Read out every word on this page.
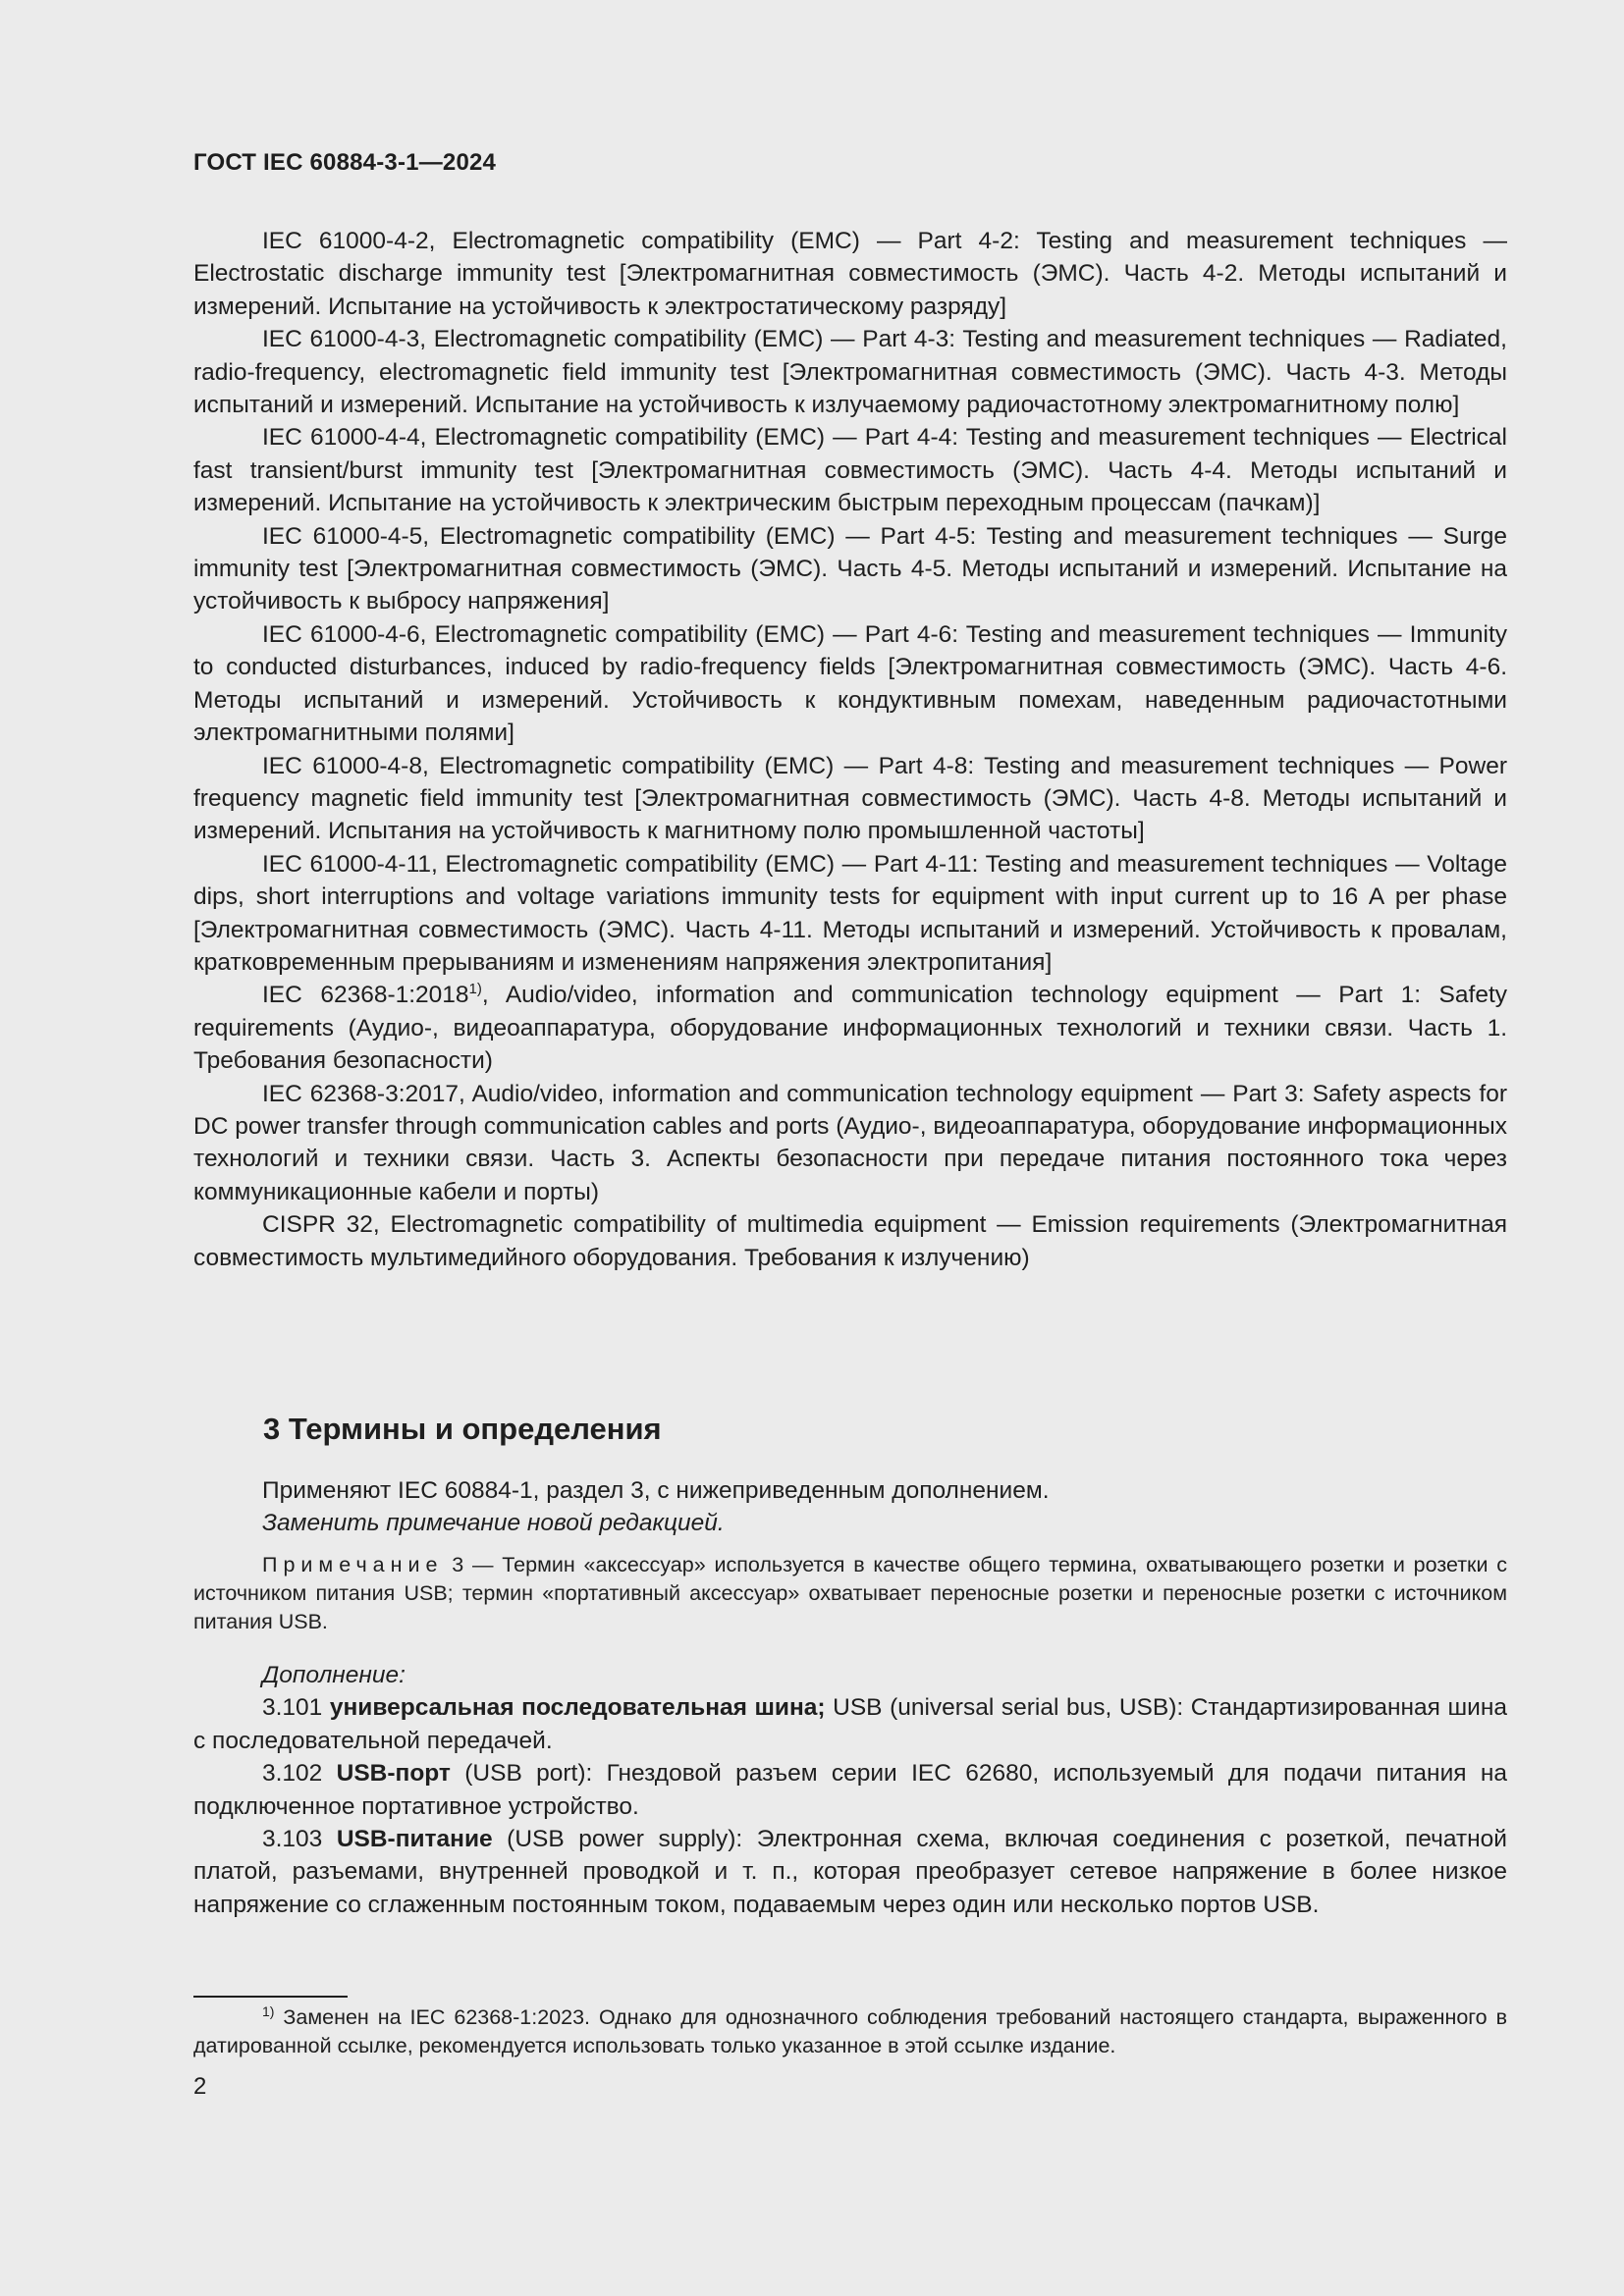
ГОСТ IEC 60884-3-1—2024

IEC 61000-4-2, Electromagnetic compatibility (EMC) — Part 4-2: Testing and measurement techniques — Electrostatic discharge immunity test [Электромагнитная совместимость (ЭМС). Часть 4-2. Методы испытаний и измерений. Испытание на устойчивость к электростатическому разряду]

IEC 61000-4-3, Electromagnetic compatibility (EMC) — Part 4-3: Testing and measurement techniques — Radiated, radio-frequency, electromagnetic field immunity test [Электромагнитная совместимость (ЭМС). Часть 4-3. Методы испытаний и измерений. Испытание на устойчивость к излучаемому радиочастотному электромагнитному полю]

IEC 61000-4-4, Electromagnetic compatibility (EMC) — Part 4-4: Testing and measurement techniques — Electrical fast transient/burst immunity test [Электромагнитная совместимость (ЭМС). Часть 4-4. Методы испытаний и измерений. Испытание на устойчивость к электрическим быстрым переходным процессам (пачкам)]

IEC 61000-4-5, Electromagnetic compatibility (EMC) — Part 4-5: Testing and measurement techniques — Surge immunity test [Электромагнитная совместимость (ЭМС). Часть 4-5. Методы испытаний и измерений. Испытание на устойчивость к выбросу напряжения]

IEC 61000-4-6, Electromagnetic compatibility (EMC) — Part 4-6: Testing and measurement techniques — Immunity to conducted disturbances, induced by radio-frequency fields [Электромагнитная совместимость (ЭМС). Часть 4-6. Методы испытаний и измерений. Устойчивость к кондуктивным помехам, наведенным радиочастотными электромагнитными полями]

IEC 61000-4-8, Electromagnetic compatibility (EMC) — Part 4-8: Testing and measurement techniques — Power frequency magnetic field immunity test [Электромагнитная совместимость (ЭМС). Часть 4-8. Методы испытаний и измерений. Испытания на устойчивость к магнитному полю промышленной частоты]

IEC 61000-4-11, Electromagnetic compatibility (EMC) — Part 4-11: Testing and measurement techniques — Voltage dips, short interruptions and voltage variations immunity tests for equipment with input current up to 16 A per phase [Электромагнитная совместимость (ЭМС). Часть 4-11. Методы испытаний и измерений. Устойчивость к провалам, кратковременным прерываниям и изменениям напряжения электропитания]

IEC 62368-1:2018$^{1)}$, Audio/video, information and communication technology equipment — Part 1: Safety requirements (Аудио-, видеоаппаратура, оборудование информационных технологий и техники связи. Часть 1. Требования безопасности)

IEC 62368-3:2017, Audio/video, information and communication technology equipment — Part 3: Safety aspects for DC power transfer through communication cables and ports (Аудио-, видеоаппаратура, оборудование информационных технологий и техники связи. Часть 3. Аспекты безопасности при передаче питания постоянного тока через коммуникационные кабели и порты)

CISPR 32, Electromagnetic compatibility of multimedia equipment — Emission requirements (Электромагнитная совместимость мультимедийного оборудования. Требования к излучению)

3 Термины и определения

Применяют IEC 60884-1, раздел 3, с нижеприведенным дополнением.

Заменить примечание новой редакцией.

Примечание 3 — Термин «аксессуар» используется в качестве общего термина, охватывающего розетки и розетки с источником питания USB; термин «портативный аксессуар» охватывает переносные розетки и переносные розетки с источником питания USB.

Дополнение:

3.101 универсальная последовательная шина; USB (universal serial bus, USB): Стандартизированная шина с последовательной передачей.

3.102 USB-порт (USB port): Гнездовой разъем серии IEC 62680, используемый для подачи питания на подключенное портативное устройство.

3.103 USB-питание (USB power supply): Электронная схема, включая соединения с розеткой, печатной платой, разъемами, внутренней проводкой и т. п., которая преобразует сетевое напряжение в более низкое напряжение со сглаженным постоянным током, подаваемым через один или несколько портов USB.

$^{1)}$ Заменен на IEC 62368-1:2023. Однако для однозначного соблюдения требований настоящего стандарта, выраженного в датированной ссылке, рекомендуется использовать только указанное в этой ссылке издание.

2
